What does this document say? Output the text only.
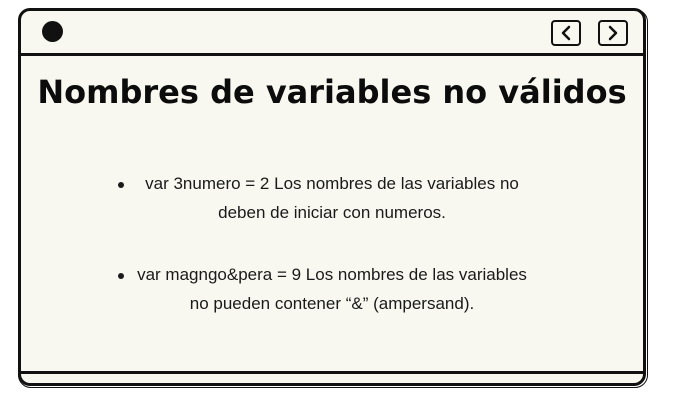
Nombres de variables no válidos
var 3numero = 2 Los nombres de las variables no
deben de iniciar con numeros.
var magngo&pera = 9 Los nombres de las variables
no pueden contener “&” (ampersand).
